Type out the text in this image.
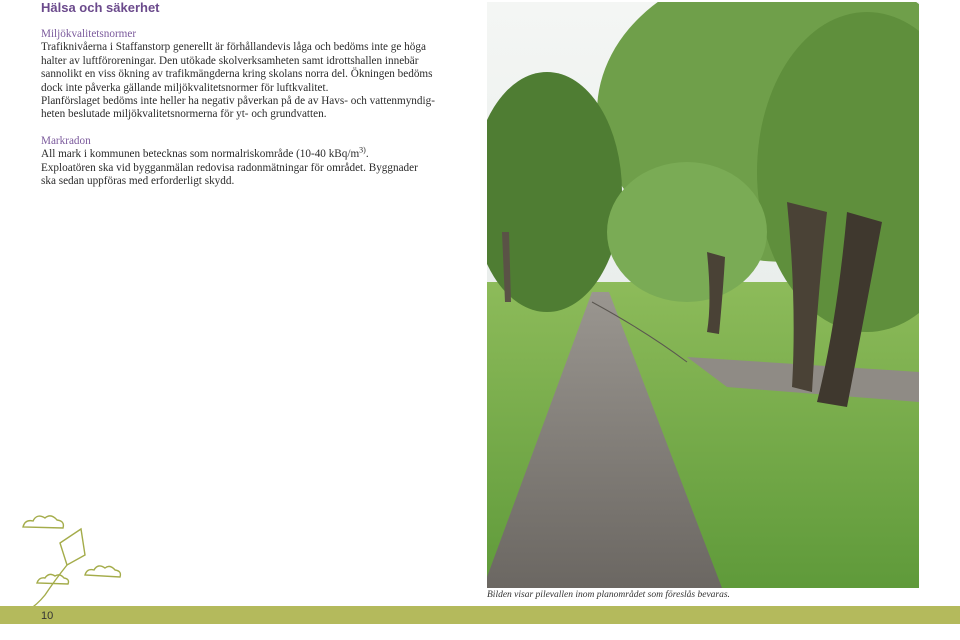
Hälsa och säkerhet
Miljökvalitetsnormer
Trafiknivåerna i Staffanstorp generellt är förhållandevis låga och bedöms inte ge höga
halter av luftföroreningar. Den utökade skolverksamheten samt idrottshallen innebär
sannolikt en viss ökning av trafikmängderna kring skolans norra del. Ökningen bedöms
dock inte påverka gällande miljökvalitetsnormer för luftkvalitet.
Planförslaget bedöms inte heller ha negativ påverkan på de av Havs- och vattenmyndig-
heten beslutade miljökvalitetsnormerna för yt- och grundvatten.
Markradon
All mark i kommunen betecknas som normalriskområde (10-40 kBq/$m^{3)}$.
Exploatören ska vid bygganmälan redovisa radonmätningar för området. Byggnader
ska sedan uppföras med erforderligt skydd.
Bilden visar pilevallen inom planområdet som föreslås bevaras.
10
